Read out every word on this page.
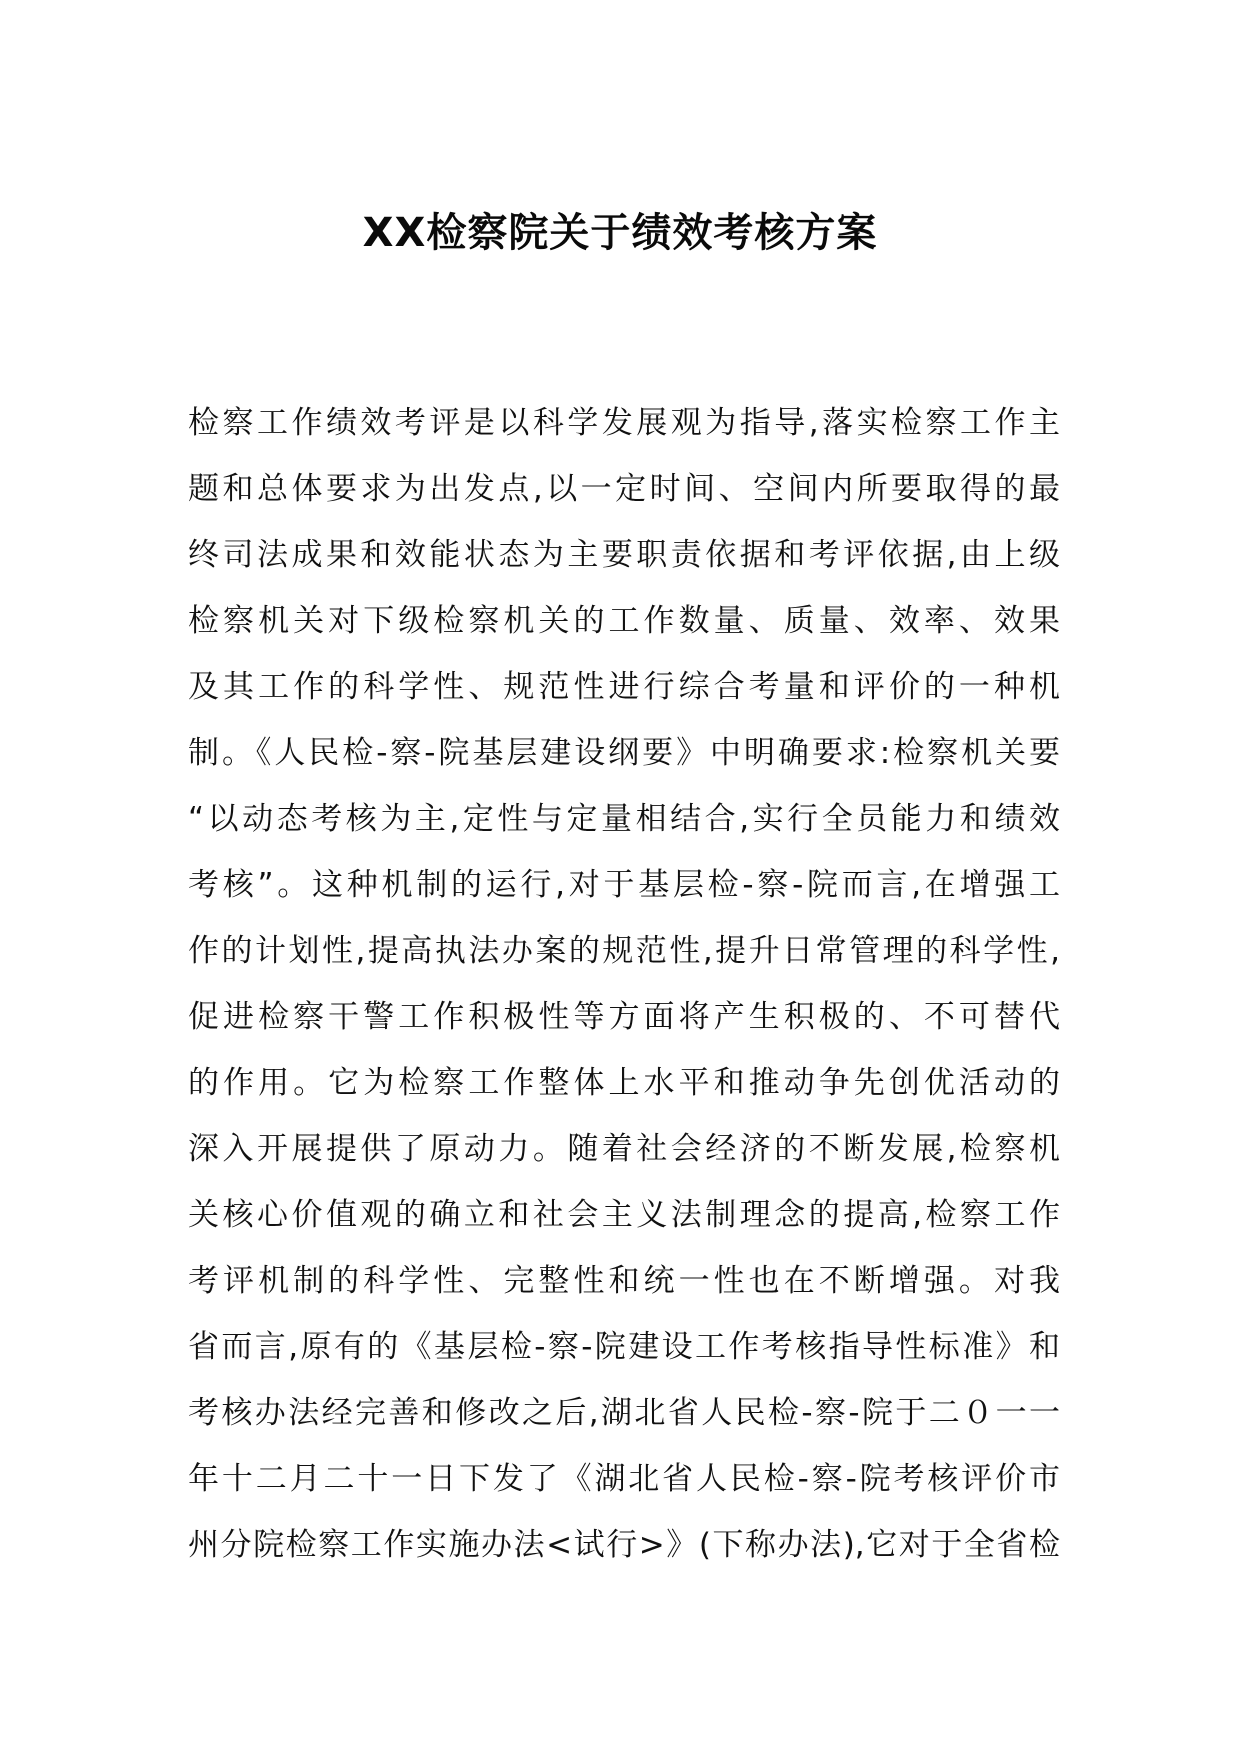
XX检察院关于绩效考核方案
检察工作绩效考评是以科学发展观为指导,落实检察工作主
题和总体要求为出发点,以一定时间、空间内所要取得的最
终司法成果和效能状态为主要职责依据和考评依据,由上级
检察机关对下级检察机关的工作数量、质量、效率、效果
及其工作的科学性、规范性进行综合考量和评价的一种机
制。《人民检-察-院基层建设纲要》中明确要求:检察机关要
“以动态考核为主,定性与定量相结合,实行全员能力和绩效
考核”。这种机制的运行,对于基层检-察-院而言,在增强工
作的计划性,提高执法办案的规范性,提升日常管理的科学性,
促进检察干警工作积极性等方面将产生积极的、不可替代
的作用。它为检察工作整体上水平和推动争先创优活动的
深入开展提供了原动力。随着社会经济的不断发展,检察机
关核心价值观的确立和社会主义法制理念的提高,检察工作
考评机制的科学性、完整性和统一性也在不断增强。对我
省而言,原有的《基层检-察-院建设工作考核指导性标准》和
考核办法经完善和修改之后,湖北省人民检-察-院于二０一一
年十二月二十一日下发了《湖北省人民检-察-院考核评价市
州分院检察工作实施办法<试行>》(下称办法),它对于全省检
